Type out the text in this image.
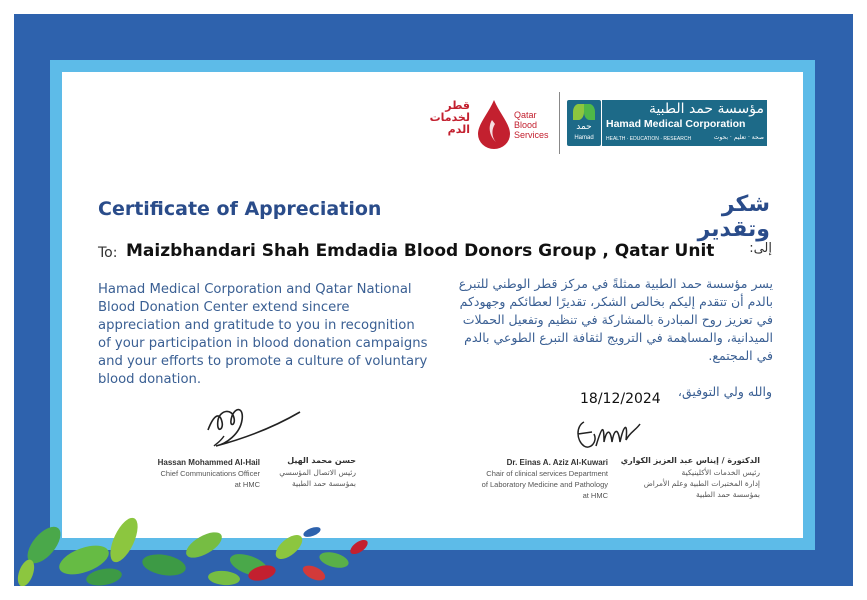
قطر
لخدمات
الدم
Qatar
Blood
Services
حمد
Hamad
مؤسسة حمد الطبية
Hamad Medical Corporation
HEALTH · EDUCATION · RESEARCH	صحة · تعليم · بحوث
Certificate of Appreciation	شكر وتقدير
To: Maizbhandari Shah Emdadia Blood Donors Group , Qatar Unit	إلى:
Hamad Medical Corporation and Qatar National Blood Donation Center extend sincere appreciation and gratitude to you in recognition of your participation in blood donation campaigns and your efforts to promote a culture of voluntary blood donation.
يسر مؤسسة حمد الطبية ممثلةً في مركز قطر الوطني للتبرع بالدم أن تتقدم إليكم بخالص الشكر، تقديرًا لعطائكم وجهودكم في تعزيز روح المبادرة بالمشاركة في تنظيم وتفعيل الحملات الميدانية، والمساهمة في الترويج لثقافة التبرع الطوعي بالدم في المجتمع.
والله ولي التوفيق،
18/12/2024
Hassan Mohammed Al-Hail
Chief Communications Officer
at HMC
حسن محمد الهيل
رئيس الاتصال المؤسسي
بمؤسسة حمد الطبية
Dr. Einas A. Aziz Al-Kuwari
Chair of clinical services Department
of Laboratory Medicine and Pathology
at HMC
الدكتورة / إيناس عبد العزيز الكواري
رئيس الخدمات الأكلينيكية
إدارة المختبرات الطبية وعلم الأمراض
بمؤسسة حمد الطبية
